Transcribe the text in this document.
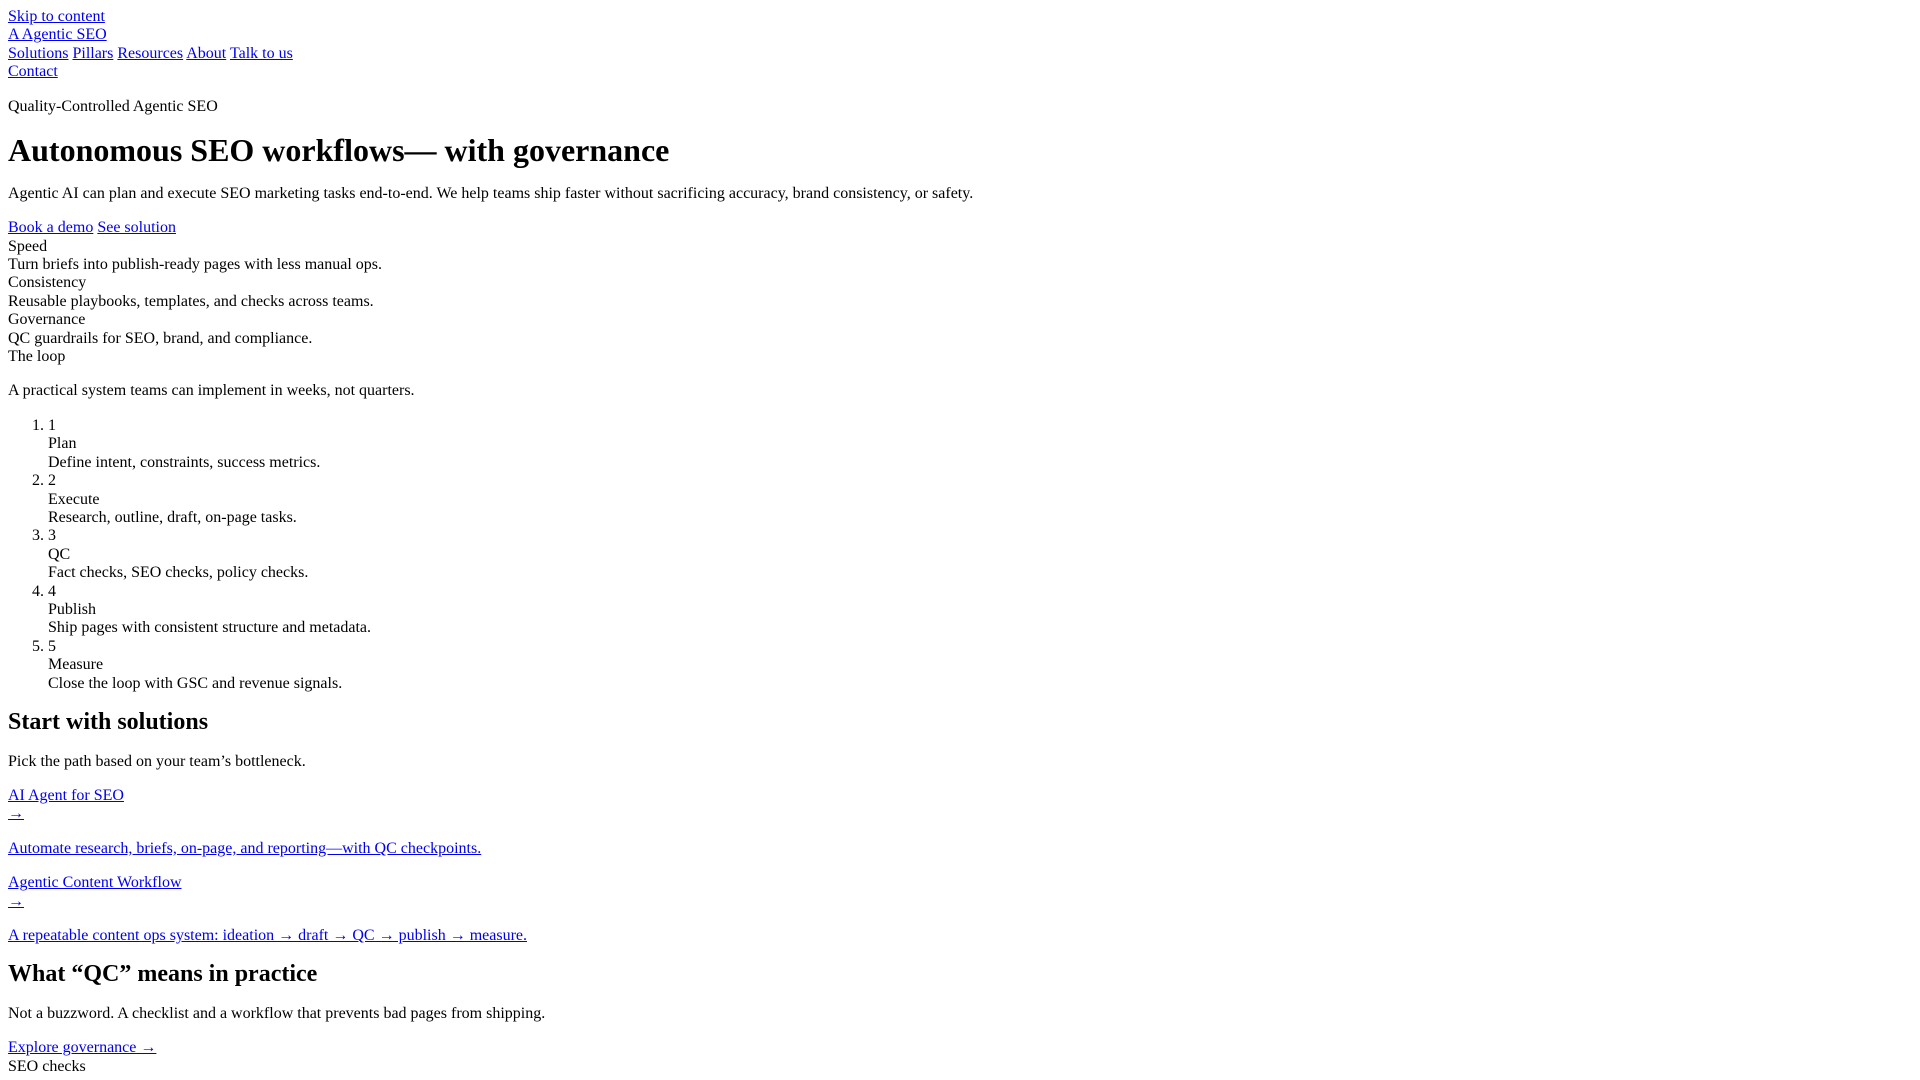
Skip to content
A Agentic SEO
Solutions Pillars Resources About Talk to us
Contact

Quality-Controlled Agentic SEO

Autonomous SEO workflows— with governance

Agentic AI can plan and execute SEO marketing tasks end-to-end. We help teams ship faster without sacrificing accuracy, brand consistency, or safety.

Book a demo See solution
Speed
Turn briefs into publish-ready pages with less manual ops.
Consistency
Reusable playbooks, templates, and checks across teams.
Governance
QC guardrails for SEO, brand, and compliance.
The loop

A practical system teams can implement in weeks, not quarters.

1. 1
Plan
Define intent, constraints, success metrics.
2. 2
Execute
Research, outline, draft, on-page tasks.
3. 3
QC
Fact checks, SEO checks, policy checks.
4. 4
Publish
Ship pages with consistent structure and metadata.
5. 5
Measure
Close the loop with GSC and revenue signals.
Start with solutions

Pick the path based on your team’s bottleneck.

AI Agent for SEO
→

Automate research, briefs, on-page, and reporting—with QC checkpoints.

Agentic Content Workflow
→

A repeatable content ops system: ideation → draft → QC → publish → measure.

What “QC” means in practice

Not a buzzword. A checklist and a workflow that prevents bad pages from shipping.

Explore governance →
SEO checks
